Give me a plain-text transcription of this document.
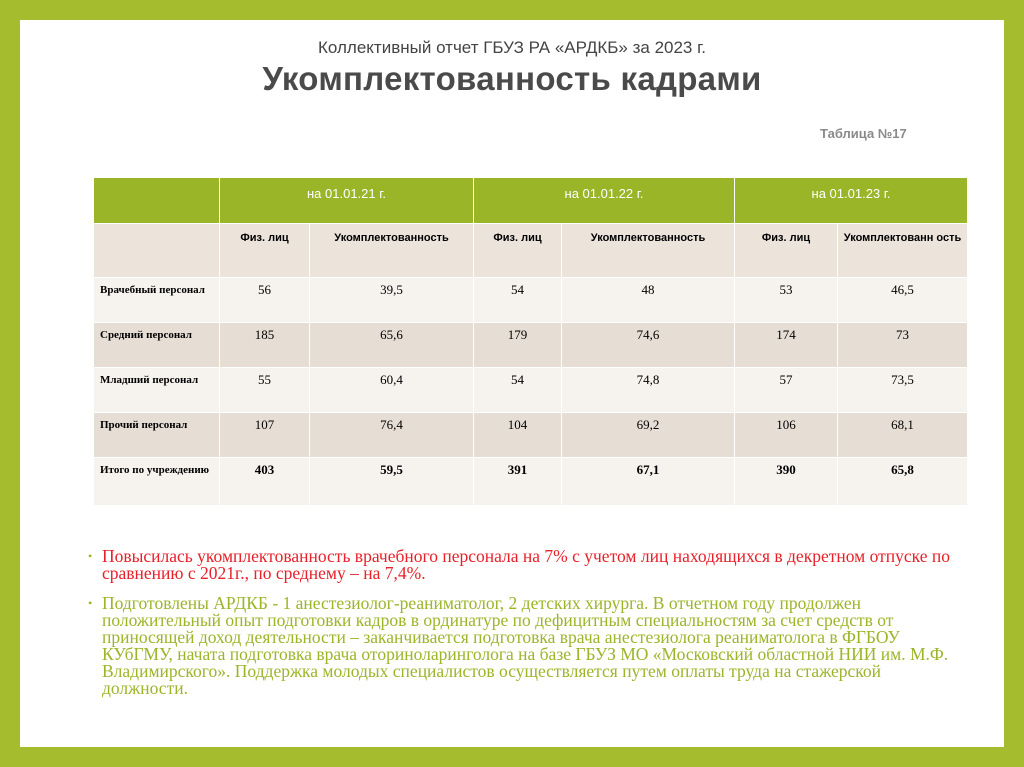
Коллективный отчет ГБУЗ РА «АРДКБ» за 2023 г.
Укомплектованность кадрами
Таблица №17
	на 01.01.21 г.		на 01.01.22 г.		на 01.01.23 г.	
	Физ. лиц	Укомплектованность	Физ. лиц	Укомплектованность	Физ. лиц	Укомплектованн ость
Врачебный персонал	56	39,5	54	48	53	46,5
Средний персонал	185	65,6	179	74,6	174	73
Младший персонал	55	60,4	54	74,8	57	73,5
Прочий персонал	107	76,4	104	69,2	106	68,1
Итого по учреждению	403	59,5	391	67,1	390	65,8
• Повысилась укомплектованность врачебного персонала на 7% с учетом лиц находящихся в декретном отпуске по сравнению с 2021г., по среднему – на 7,4%.
• Подготовлены АРДКБ - 1 анестезиолог-реаниматолог, 2 детских хирурга. В отчетном году продолжен положительный опыт подготовки кадров в ординатуре по дефицитным специальностям за счет средств от приносящей доход деятельности – заканчивается подготовка врача анестезиолога реаниматолога в ФГБОУ КУбГМУ, начата подготовка врача оториноларинголога на базе ГБУЗ МО «Московский областной НИИ им. М.Ф. Владимирского». Поддержка молодых специалистов осуществляется путем оплаты труда на стажерской должности.
